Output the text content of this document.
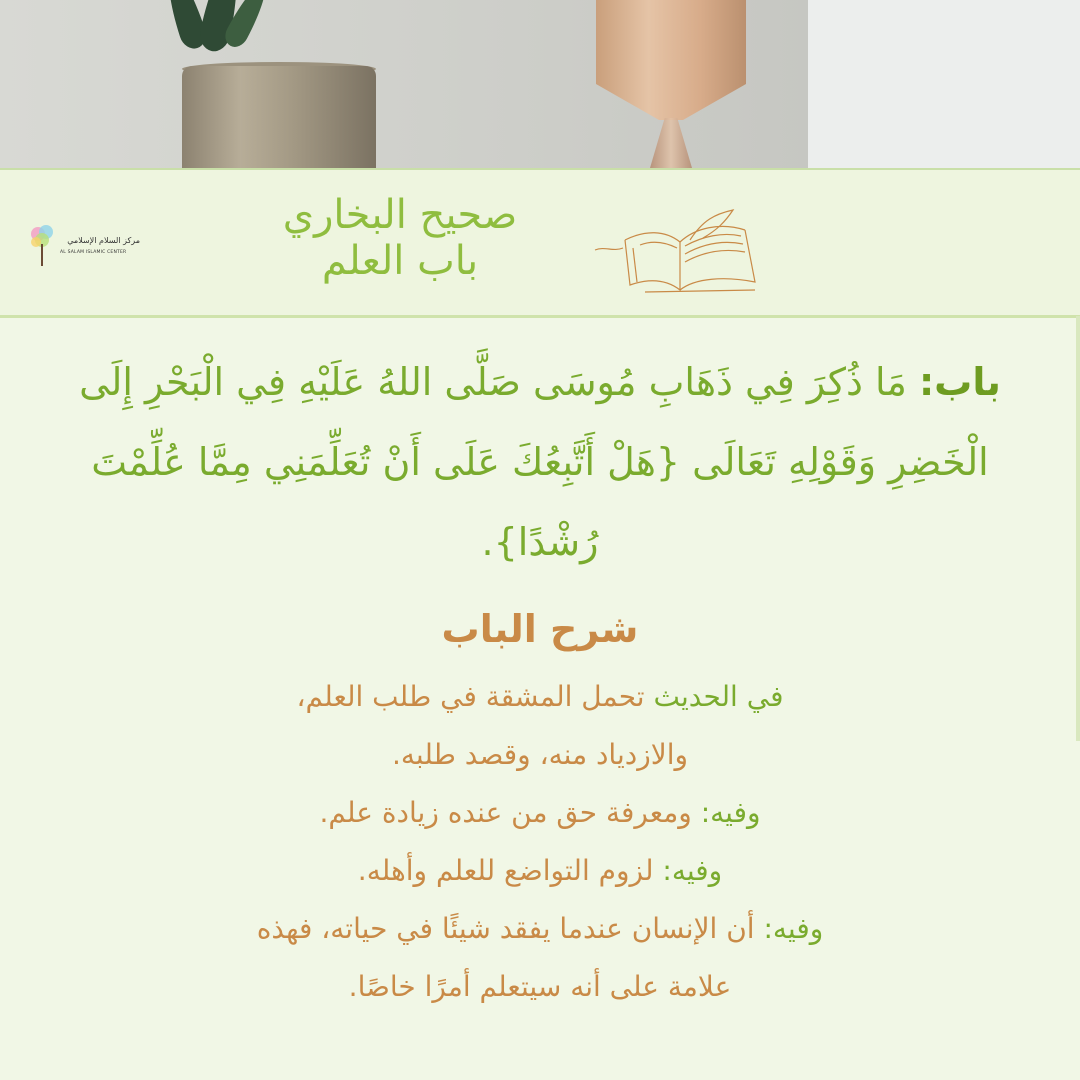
مركز السلام الإسلامي
AL SALAM ISLAMIC CENTER
صحيح البخاري
باب العلم

باب: مَا ذُكِرَ فِي ذَهَابِ مُوسَى صَلَّى اللهُ عَلَيْهِ فِي الْبَحْرِ إِلَى الْخَضِرِ وَقَوْلِهِ تَعَالَى {هَلْ أَتَّبِعُكَ عَلَى أَنْ تُعَلِّمَنِي مِمَّا عُلِّمْتَ رُشْدًا}.

شرح الباب

في الحديث تحمل المشقة في طلب العلم،

والازدياد منه، وقصد طلبه.

وفيه: ومعرفة حق من عنده زيادة علم.

وفيه: لزوم التواضع للعلم وأهله.

وفيه: أن الإنسان عندما يفقد شيئًا في حياته، فهذه

علامة على أنه سيتعلم أمرًا خاصًا.
